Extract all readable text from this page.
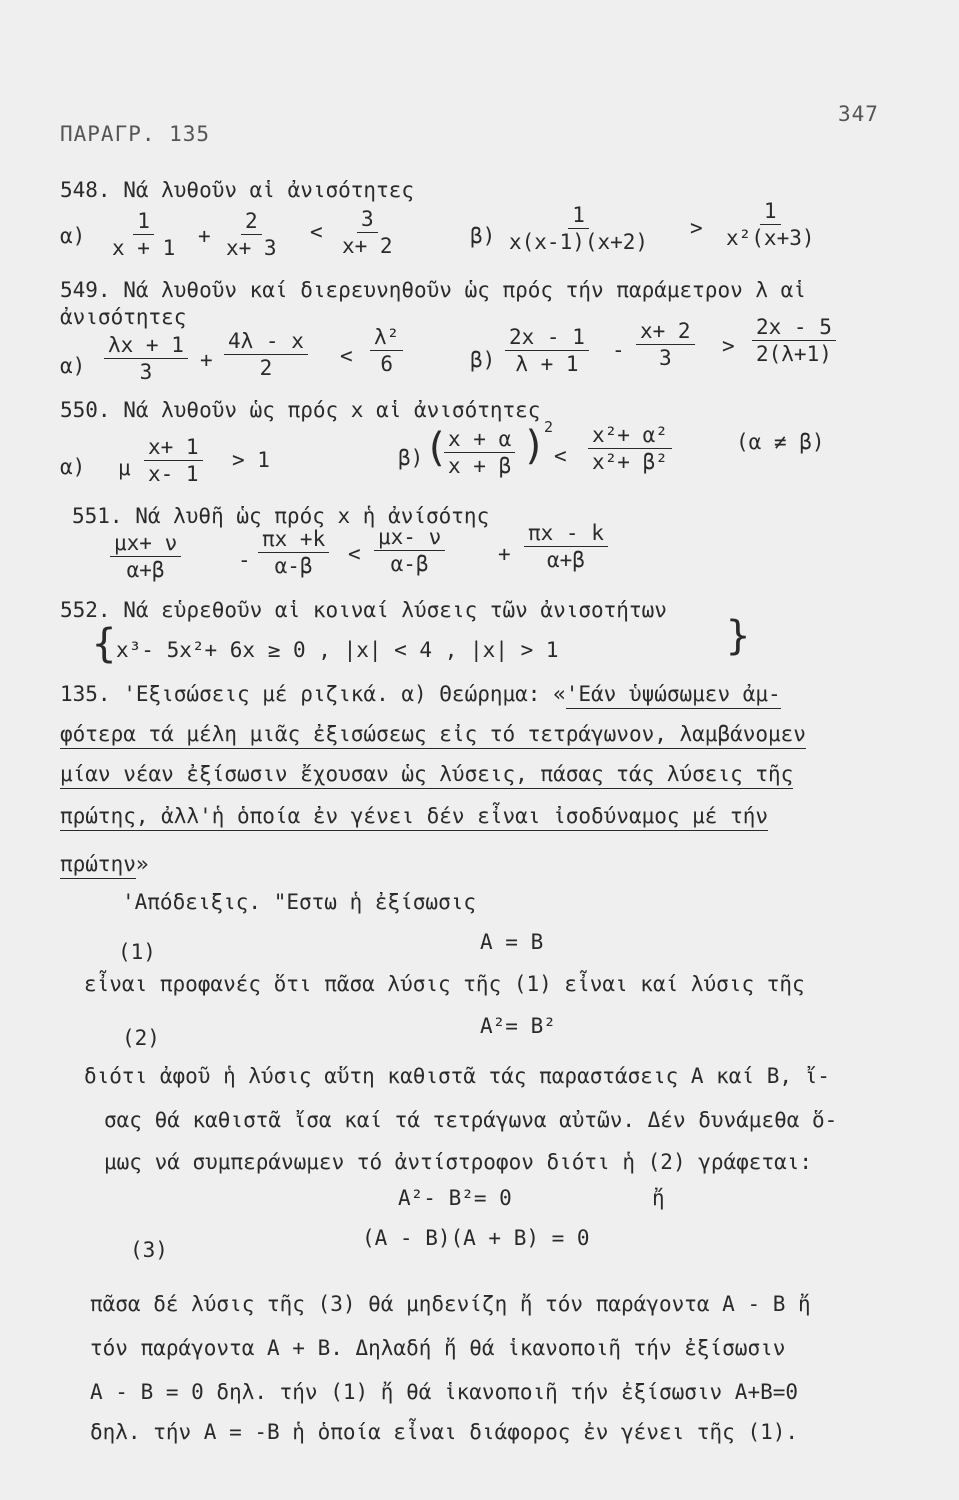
ΠΑΡΑΓΡ. 135
347
548. Νά λυθοῦν αἱ ἀνισότητες
$\alpha) \frac{1}{x + 1} + \frac{2}{x+ 3} < \frac{3}{x+ 2}$	$\beta) \frac{1}{x(x-1)(x+2)} > \frac{1}{\text{x²(x+3)}}$
549. Νά λυθοῦν καί διερευνηθοῦν ὡς πρός τήν παράμετρον λ αἱ
ἀνισότητες
$\alpha) \frac{\lambda x + 1}{3} + \frac{4\lambda - x}{2} < \frac{\text{λ²}}{6}$	$\beta) \frac{2x - 1}{\lambda + 1} - \frac{x+ 2}{3} > \frac{2x - 5}{2(\lambda+1)}$
550. Νά λυθοῦν ὡς πρός x αἱ ἀνισότητες
α) μ $\frac{x+ 1}{x- 1} > 1$	β) (
$\frac{x + \alpha}{x + \beta}$ )
2
< $\frac{\text{x²+ α²}}{\text{x²+ β²}}$	(α ≠ β)
551. Νά λυθῆ ὡς πρός x ἡ ἀνίσότης
$\frac{\mu x+ \nu}{\alpha+\beta}$	- $\frac{\pi x +k}{\alpha-\beta} < \frac{\mu x- \nu}{\alpha-\beta}$	+ $\frac{\pi x - k}{\alpha+\beta}$
552. Νά εὑρεθοῦν αἱ κοιναί λύσεις τῶν ἀνισοτήτων
{ x³- 5x²+ 6x ≥ 0 , |x| < 4 , |x| > 1	}
135. 'Εξισώσεις μέ ριζικά. α) Θεώρημα: «'Εάν ὑψώσωμεν ἀμ-
φότερα τά μέλη μιᾶς ἐξισώσεως εἰς τό τετράγωνον, λαμβάνομεν
μίαν νέαν ἐξίσωσιν ἔχουσαν ὡς λύσεις, πάσας τάς λύσεις τῆς
πρώτης, ἀλλ'ἡ ὁποία ἐν γένει δέν εἶναι ἰσοδύναμος μέ τήν
πρώτην»
'Απόδειξις. "Εστω ἡ ἐξίσωσις
(1)	A = B
εἶναι προφανές ὅτι πᾶσα λύσις τῆς (1) εἶναι καί λύσις τῆς
(2)	A²= B²
διότι ἀφοῦ ἡ λύσις αὕτη καθιστᾶ τάς παραστάσεις A καί B, ἴ-
σας θά καθιστᾶ ἴσα καί τά τετράγωνα αὐτῶν. Δέν δυνάμεθα ὅ-
μως νά συμπεράνωμεν τό ἀντίστροφον διότι ἡ (2) γράφεται:
A²- B²= 0	ἤ
(3)	(A - B)(A + B) = 0
πᾶσα δέ λύσις τῆς (3) θά μηδενίζη ἤ τόν παράγοντα A - B ἤ
τόν παράγοντα A + B. Δηλαδή ἤ θά ἱκανοποιῆ τήν ἐξίσωσιν
A - B = 0 δηλ. τήν (1) ἤ θά ἱκανοποιῆ τήν ἐξίσωσιν A+B=0
δηλ. τήν A = -B ἡ ὁποία εἶναι διάφορος ἐν γένει τῆς (1).
